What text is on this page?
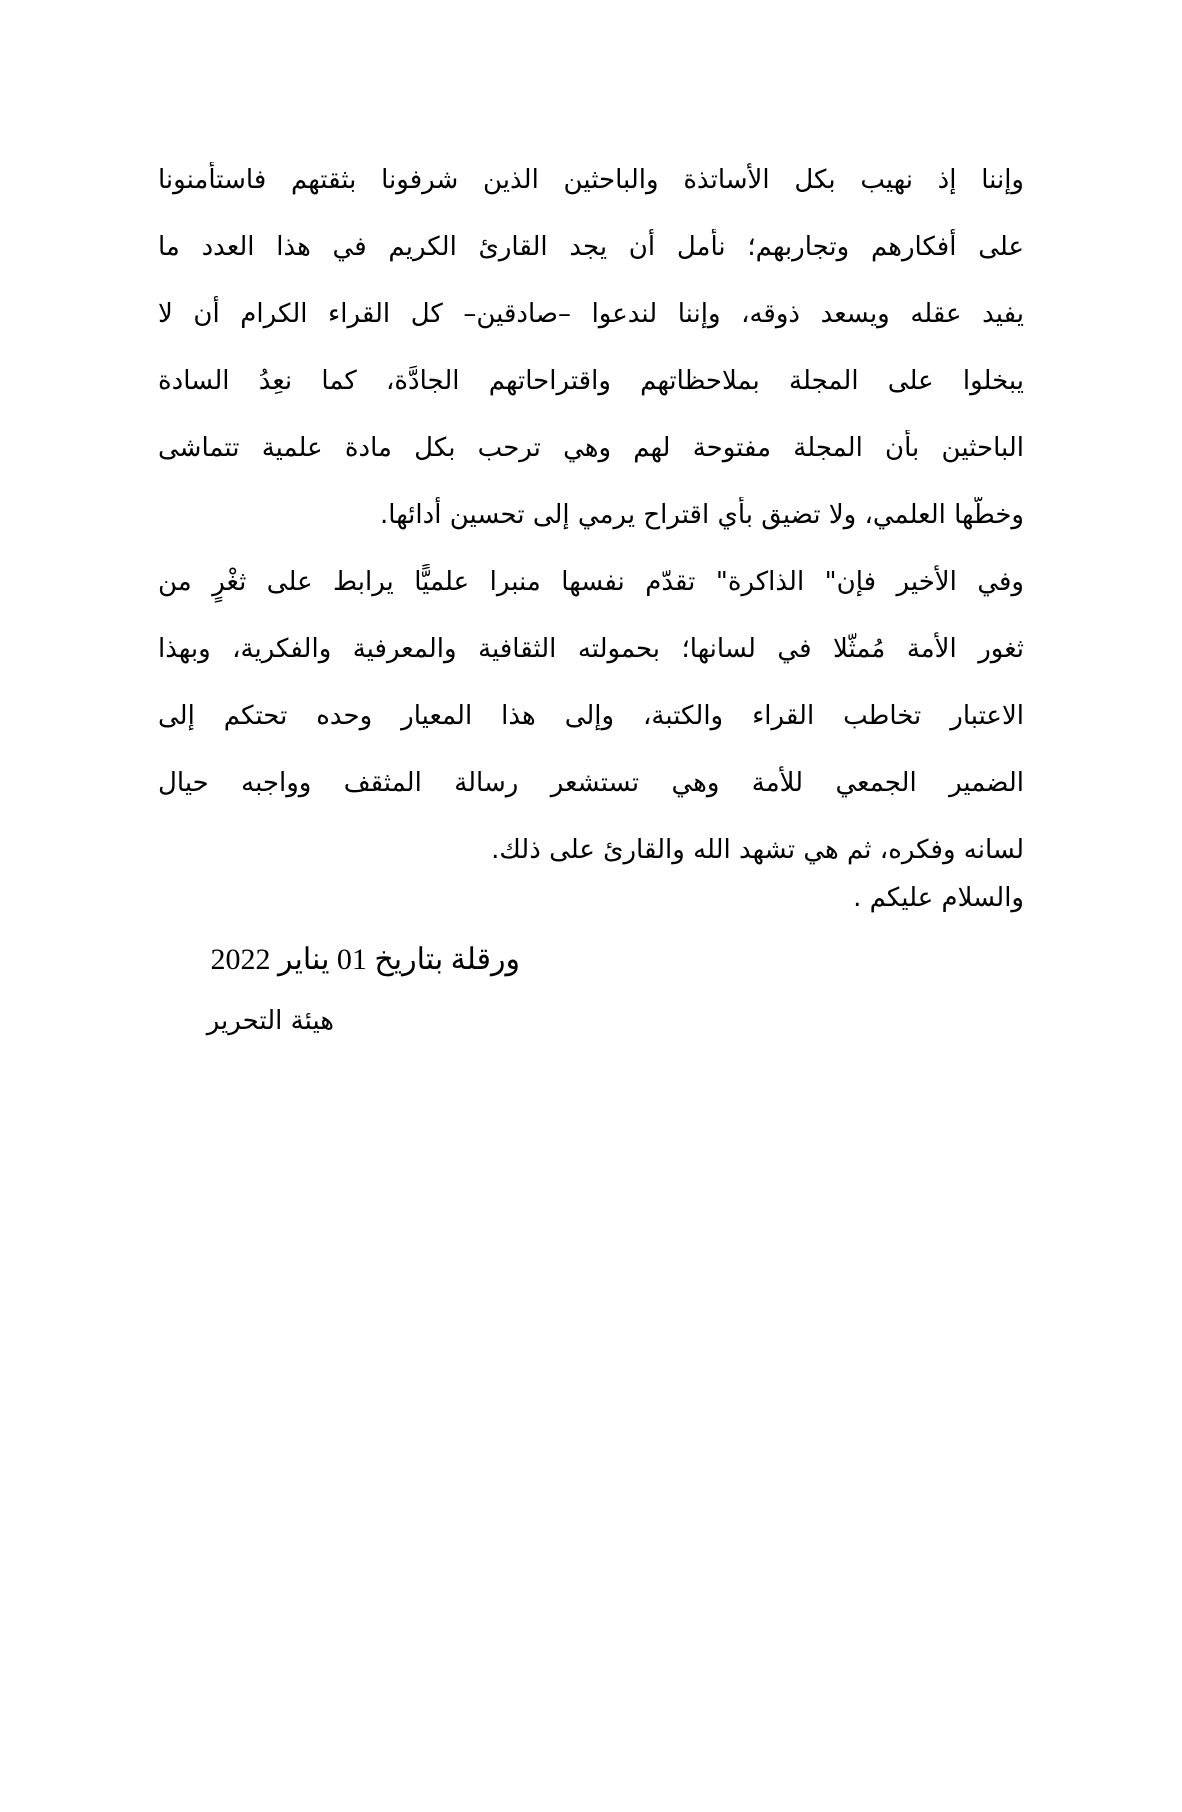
وإننا إذ نهيب بكل الأساتذة والباحثين الذين شرفونا بثقتهم فاستأمنونا
على أفكارهم وتجاربهم؛ نأمل أن يجد القارئ الكريم في هذا العدد ما
يفيد عقله ويسعد ذوقه، وإننا لندعوا –صادقين– كل القراء الكرام أن لا
يبخلوا على المجلة بملاحظاتهم واقتراحاتهم الجادَّة، كما نعِدُ السادة
الباحثين بأن المجلة مفتوحة لهم وهي ترحب بكل مادة علمية تتماشى
وخطّها العلمي، ولا تضيق بأي اقتراح يرمي إلى تحسين أدائها.
وفي الأخير فإن" الذاكرة" تقدّم نفسها منبرا علميًّا يرابط على ثغْرٍ من
ثغور الأمة مُمثّلا في لسانها؛ بحمولته الثقافية والمعرفية والفكرية، وبهذا
الاعتبار تخاطب القراء والكتبة، وإلى هذا المعيار وحده تحتكم إلى
الضمير الجمعي للأمة وهي تستشعر رسالة المثقف وواجبه حيال
لسانه وفكره، ثم هي تشهد الله والقارئ على ذلك.
والسلام عليكم .
ورقلة بتاريخ 01 يناير 2022
هيئة التحرير
